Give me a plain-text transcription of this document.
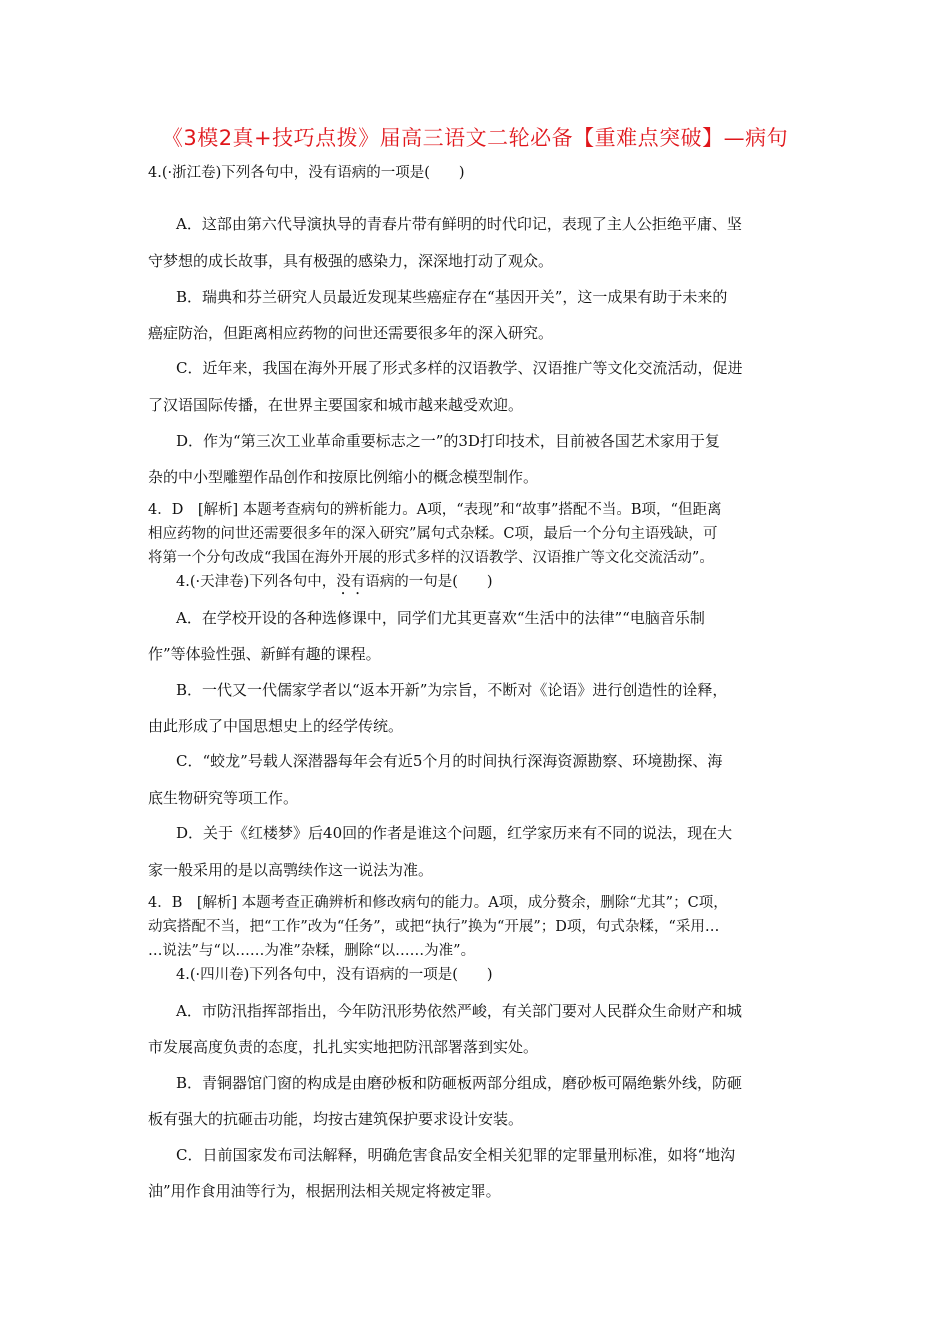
《3模2真+技巧点拨》届高三语文二轮必备【重难点突破】—病句
4.(·浙江卷)下列各句中，没有语病的一项是(　　)
A．这部由第六代导演执导的青春片带有鲜明的时代印记，表现了主人公拒绝平庸、坚
守梦想的成长故事，具有极强的感染力，深深地打动了观众。
B．瑞典和芬兰研究人员最近发现某些癌症存在“基因开关”，这一成果有助于未来的
癌症防治，但距离相应药物的问世还需要很多年的深入研究。
C．近年来，我国在海外开展了形式多样的汉语教学、汉语推广等文化交流活动，促进
了汉语国际传播，在世界主要国家和城市越来越受欢迎。
D．作为“第三次工业革命重要标志之一”的3D打印技术，目前被各国艺术家用于复
杂的中小型雕塑作品创作和按原比例缩小的概念模型制作。
4．D　[解析] 本题考查病句的辨析能力。A项，“表现”和“故事”搭配不当。B项，“但距离
相应药物的问世还需要很多年的深入研究”属句式杂糅。C项，最后一个分句主语残缺，可
将第一个分句改成“我国在海外开展的形式多样的汉语教学、汉语推广等文化交流活动”。
4.(·天津卷)下列各句中，没有语病的一句是(　　)
A．在学校开设的各种选修课中，同学们尤其更喜欢“生活中的法律”“电脑音乐制
作”等体验性强、新鲜有趣的课程。
B．一代又一代儒家学者以“返本开新”为宗旨，不断对《论语》进行创造性的诠释，
由此形成了中国思想史上的经学传统。
C．“蛟龙”号载人深潜器每年会有近5个月的时间执行深海资源勘察、环境勘探、海
底生物研究等项工作。
D．关于《红楼梦》后40回的作者是谁这个问题，红学家历来有不同的说法，现在大
家一般采用的是以高鹗续作这一说法为准。
4．B　[解析] 本题考查正确辨析和修改病句的能力。A项，成分赘余，删除“尤其”；C项，
动宾搭配不当，把“工作”改为“任务”，或把“执行”换为“开展”；D项，句式杂糅，“采用…
…说法”与“以……为准”杂糅，删除“以……为准”。
4.(·四川卷)下列各句中，没有语病的一项是(　　)
A．市防汛指挥部指出，今年防汛形势依然严峻，有关部门要对人民群众生命财产和城
市发展高度负责的态度，扎扎实实地把防汛部署落到实处。
B．青铜器馆门窗的构成是由磨砂板和防砸板两部分组成，磨砂板可隔绝紫外线，防砸
板有强大的抗砸击功能，均按古建筑保护要求设计安装。
C．日前国家发布司法解释，明确危害食品安全相关犯罪的定罪量刑标准，如将“地沟
油”用作食用油等行为，根据刑法相关规定将被定罪。
